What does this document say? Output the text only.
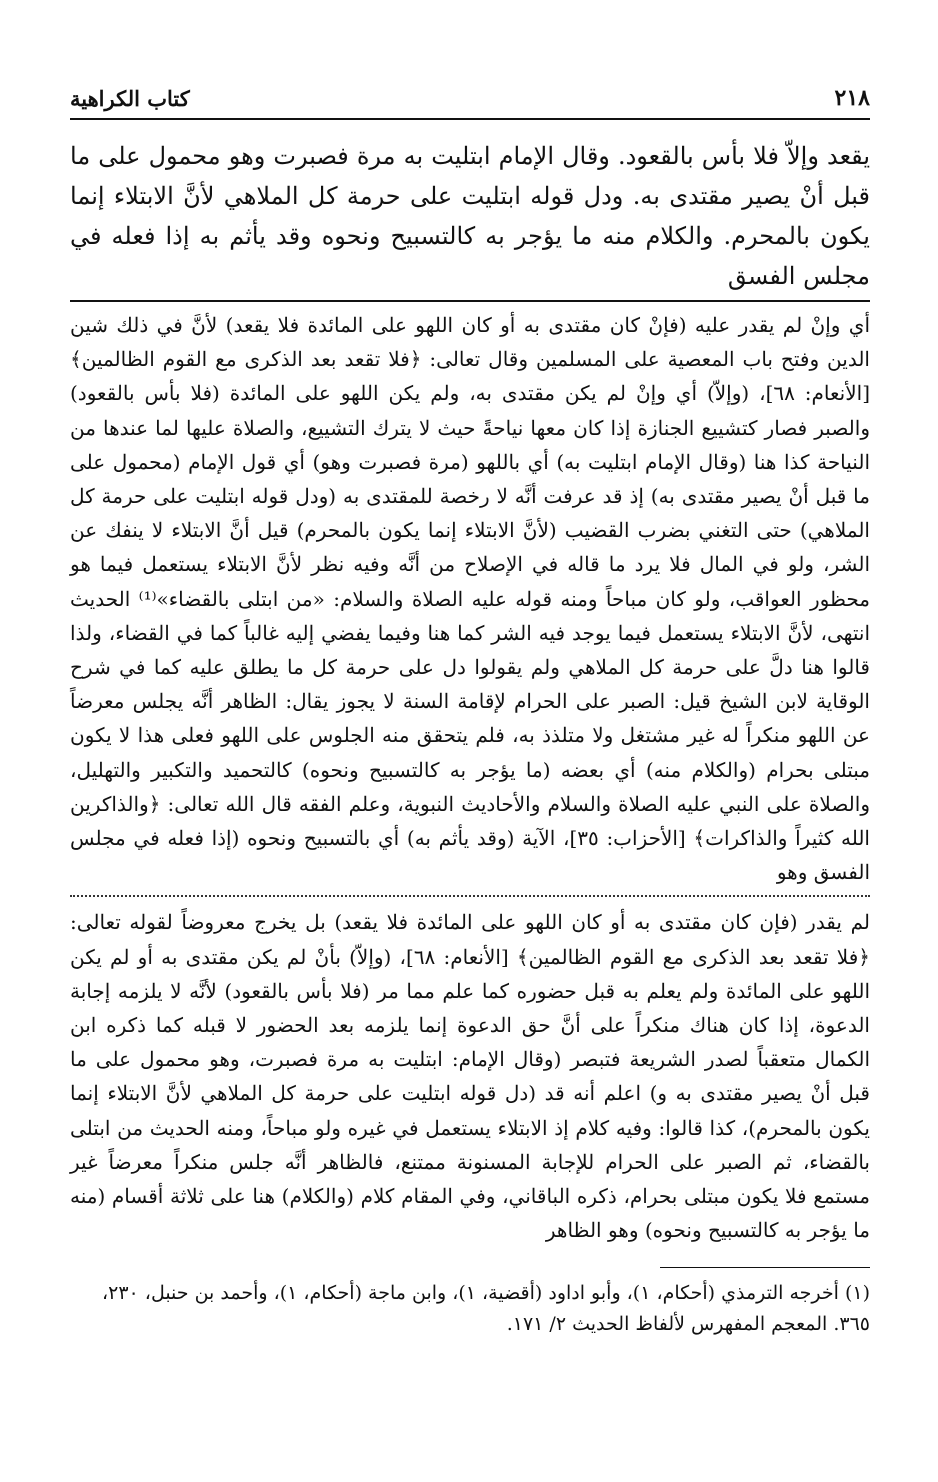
٢١٨
كتاب الكراهية

يقعد وإلاّ فلا بأس بالقعود. وقال الإمام ابتليت به مرة فصبرت وهو محمول على ما قبل أنْ يصير مقتدى به. ودل قوله ابتليت على حرمة كل الملاهي لأنَّ الابتلاء إنما يكون بالمحرم. والكلام منه ما يؤجر به كالتسبيح ونحوه وقد يأثم به إذا فعله في مجلس الفسق

أي وإنْ لم يقدر عليه (فإنْ كان مقتدى به أو كان اللهو على المائدة فلا يقعد) لأنَّ في ذلك شين الدين وفتح باب المعصية على المسلمين وقال تعالى: ﴿فلا تقعد بعد الذكرى مع القوم الظالمين﴾ [الأنعام: ٦٨]، (وإلاّ) أي وإنْ لم يكن مقتدى به، ولم يكن اللهو على المائدة (فلا بأس بالقعود) والصبر فصار كتشييع الجنازة إذا كان معها نياحةً حيث لا يترك التشييع، والصلاة عليها لما عندها من النياحة كذا هنا (وقال الإمام ابتليت به) أي باللهو (مرة فصبرت وهو) أي قول الإمام (محمول على ما قبل أنْ يصير مقتدى به) إذ قد عرفت أنَّه لا رخصة للمقتدى به (ودل قوله ابتليت على حرمة كل الملاهي) حتى التغني بضرب القضيب (لأنَّ الابتلاء إنما يكون بالمحرم) قيل أنَّ الابتلاء لا ينفك عن الشر، ولو في المال فلا يرد ما قاله في الإصلاح من أنَّه وفيه نظر لأنَّ الابتلاء يستعمل فيما هو محظور العواقب، ولو كان مباحاً ومنه قوله عليه الصلاة والسلام: «من ابتلى بالقضاء»⁽¹⁾ الحديث انتهى، لأنَّ الابتلاء يستعمل فيما يوجد فيه الشر كما هنا وفيما يفضي إليه غالباً كما في القضاء، ولذا قالوا هنا دلَّ على حرمة كل الملاهي ولم يقولوا دل على حرمة كل ما يطلق عليه كما في شرح الوقاية لابن الشيخ قيل: الصبر على الحرام لإقامة السنة لا يجوز يقال: الظاهر أنَّه يجلس معرضاً عن اللهو منكراً له غير مشتغل ولا متلذذ به، فلم يتحقق منه الجلوس على اللهو فعلى هذا لا يكون مبتلى بحرام (والكلام منه) أي بعضه (ما يؤجر به كالتسبيح ونحوه) كالتحميد والتكبير والتهليل، والصلاة على النبي عليه الصلاة والسلام والأحاديث النبوية، وعلم الفقه قال الله تعالى: ﴿والذاكرين الله كثيراً والذاكرات﴾ [الأحزاب: ٣٥]، الآية (وقد يأثم به) أي بالتسبيح ونحوه (إذا فعله في مجلس الفسق وهو

لم يقدر (فإن كان مقتدى به أو كان اللهو على المائدة فلا يقعد) بل يخرج معروضاً لقوله تعالى: ﴿فلا تقعد بعد الذكرى مع القوم الظالمين﴾ [الأنعام: ٦٨]، (وإلاّ) بأنْ لم يكن مقتدى به أو لم يكن اللهو على المائدة ولم يعلم به قبل حضوره كما علم مما مر (فلا بأس بالقعود) لأنَّه لا يلزمه إجابة الدعوة، إذا كان هناك منكراً على أنَّ حق الدعوة إنما يلزمه بعد الحضور لا قبله كما ذكره ابن الكمال متعقباً لصدر الشريعة فتبصر (وقال الإمام: ابتليت به مرة فصبرت، وهو محمول على ما قبل أنْ يصير مقتدى به و) اعلم أنه قد (دل قوله ابتليت على حرمة كل الملاهي لأنَّ الابتلاء إنما يكون بالمحرم)، كذا قالوا: وفيه كلام إذ الابتلاء يستعمل في غيره ولو مباحاً، ومنه الحديث من ابتلى بالقضاء، ثم الصبر على الحرام للإجابة المسنونة ممتنع، فالظاهر أنَّه جلس منكراً معرضاً غير مستمع فلا يكون مبتلى بحرام، ذكره الباقاني، وفي المقام كلام (والكلام) هنا على ثلاثة أقسام (منه ما يؤجر به كالتسبيح ونحوه) وهو الظاهر

(١) أخرجه الترمذي (أحكام، ١)، وأبو اداود (أقضية، ١)، وابن ماجة (أحكام، ١)، وأحمد بن حنبل، ٢٣٠، ٣٦٥. المعجم المفهرس لألفاظ الحديث ٢/ ١٧١.
